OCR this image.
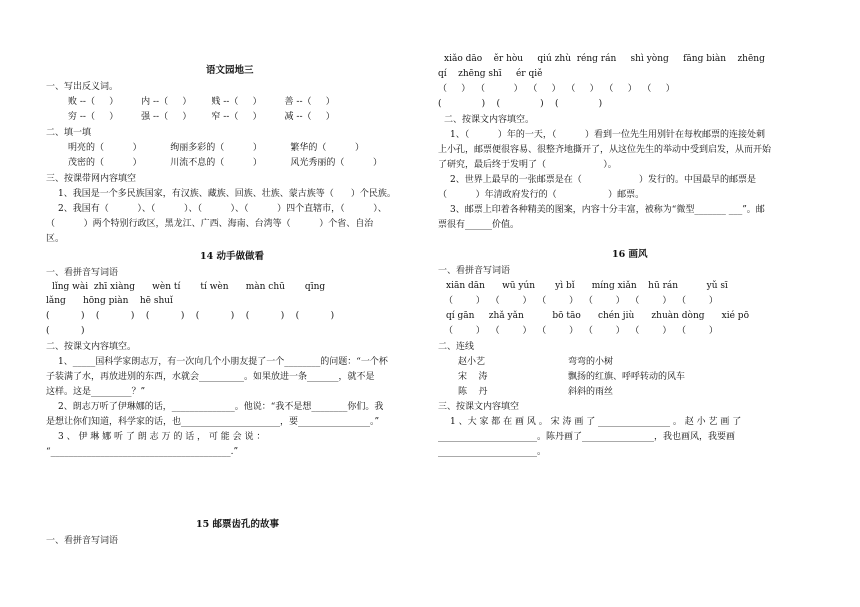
语文园地三
一、写出反义词。
败 --（     ）        内 --（     ）       贱 --（     ）        善 --（     ）
穷 --（     ）        强 --（     ）       窄 --（     ）        减 --（     ）
二、填一填
明亮的（          ）          绚丽多彩的（          ）          繁华的（          ）
茂密的（          ）          川流不息的（          ）          风光秀丽的（          ）
三、按课带网内容填空
1、我国是一个多民族国家，有汉族、藏族、回族、壮族、蒙古族等（      ）个民族。
2、我国有（          ）、（          ）、（          ）、（          ）四个直辖市，（          ）、
（          ）两个特别行政区，黑龙江、广西、海南、台湾等（          ）个省、自治
区。
14 动手做做看
一、看拼音写词语
lǐng wài  zhī xiàng      wèn tí       tí wèn      màn chū       qīng
lǎng      hōng piàn    hē shuǐ
(           )    (           )    (           )    (           )    (           )    (           )
(           )
二、按课文内容填空。
1、_____国科学家朗志万，有一次向几个小朋友提了一个________的问题：“一个杯
子装满了水，再放进别的东西，水就会__________。如果放进一条_______，就不是
这样。这是_________？”
2、朗志万听了伊琳娜的话，______________。他说：“我不是想________你们。我
是想让你们知道，科学家的话，也______________________，要________________。”
3 、 伊 琳 娜 听 了 朗 志 万 的 话 ， 可 能 会 说 ：
“________________________________________.”
15 邮票齿孔的故事
一、看拼音写词语
xiǎo dāo    ěr hòu     qiú zhù  réng rán     shì yòng     fāng biàn    zhēng
qí    zhēng shī     ér qiě
（     ）  （          ）  （     ）  （     ）  （     ）  （     ）
(              )    (              )    (              )
二、按课文内容填空。
1、（          ）年的一天，（          ）看到一位先生用别针在每枚邮票的连接处刺
上小孔，邮票便很容易、很整齐地撕开了，从这位先生的举动中受到启发，从而开始
了研究，最后终于发明了（                    ）。
2、世界上最早的一张邮票是在（                    ）发行的。中国最早的邮票是
（          ）年清政府发行的（                  ）邮票。
3、邮票上印着各种精美的图案，内容十分丰富，被称为“微型_______ ___”。邮
票很有______价值。
16 画风
一、看拼音写词语
xiān dān      wū yún       yì bǐ      míng xiǎn    hū rán          yǔ sī
（        ）  （        ）  （        ）  （        ）  （        ）  （        ）
qí gān     zhǎ yǎn          bō tāo      chén jiù      zhuàn dòng      xié pō
（        ）  （        ）  （        ）  （        ）  （        ）  （        ）
二、连线
赵小艺	弯弯的小树
宋    涛	飘扬的红旗、呼呼转动的风车
陈    丹	斜斜的雨丝
三、按课文内容填空
1 、大 家 都 在 画 风 。 宋 涛 画 了 ________________ 。 赵 小 艺 画 了
______________________。陈丹画了________________，我也画风，我要画
______________________。
